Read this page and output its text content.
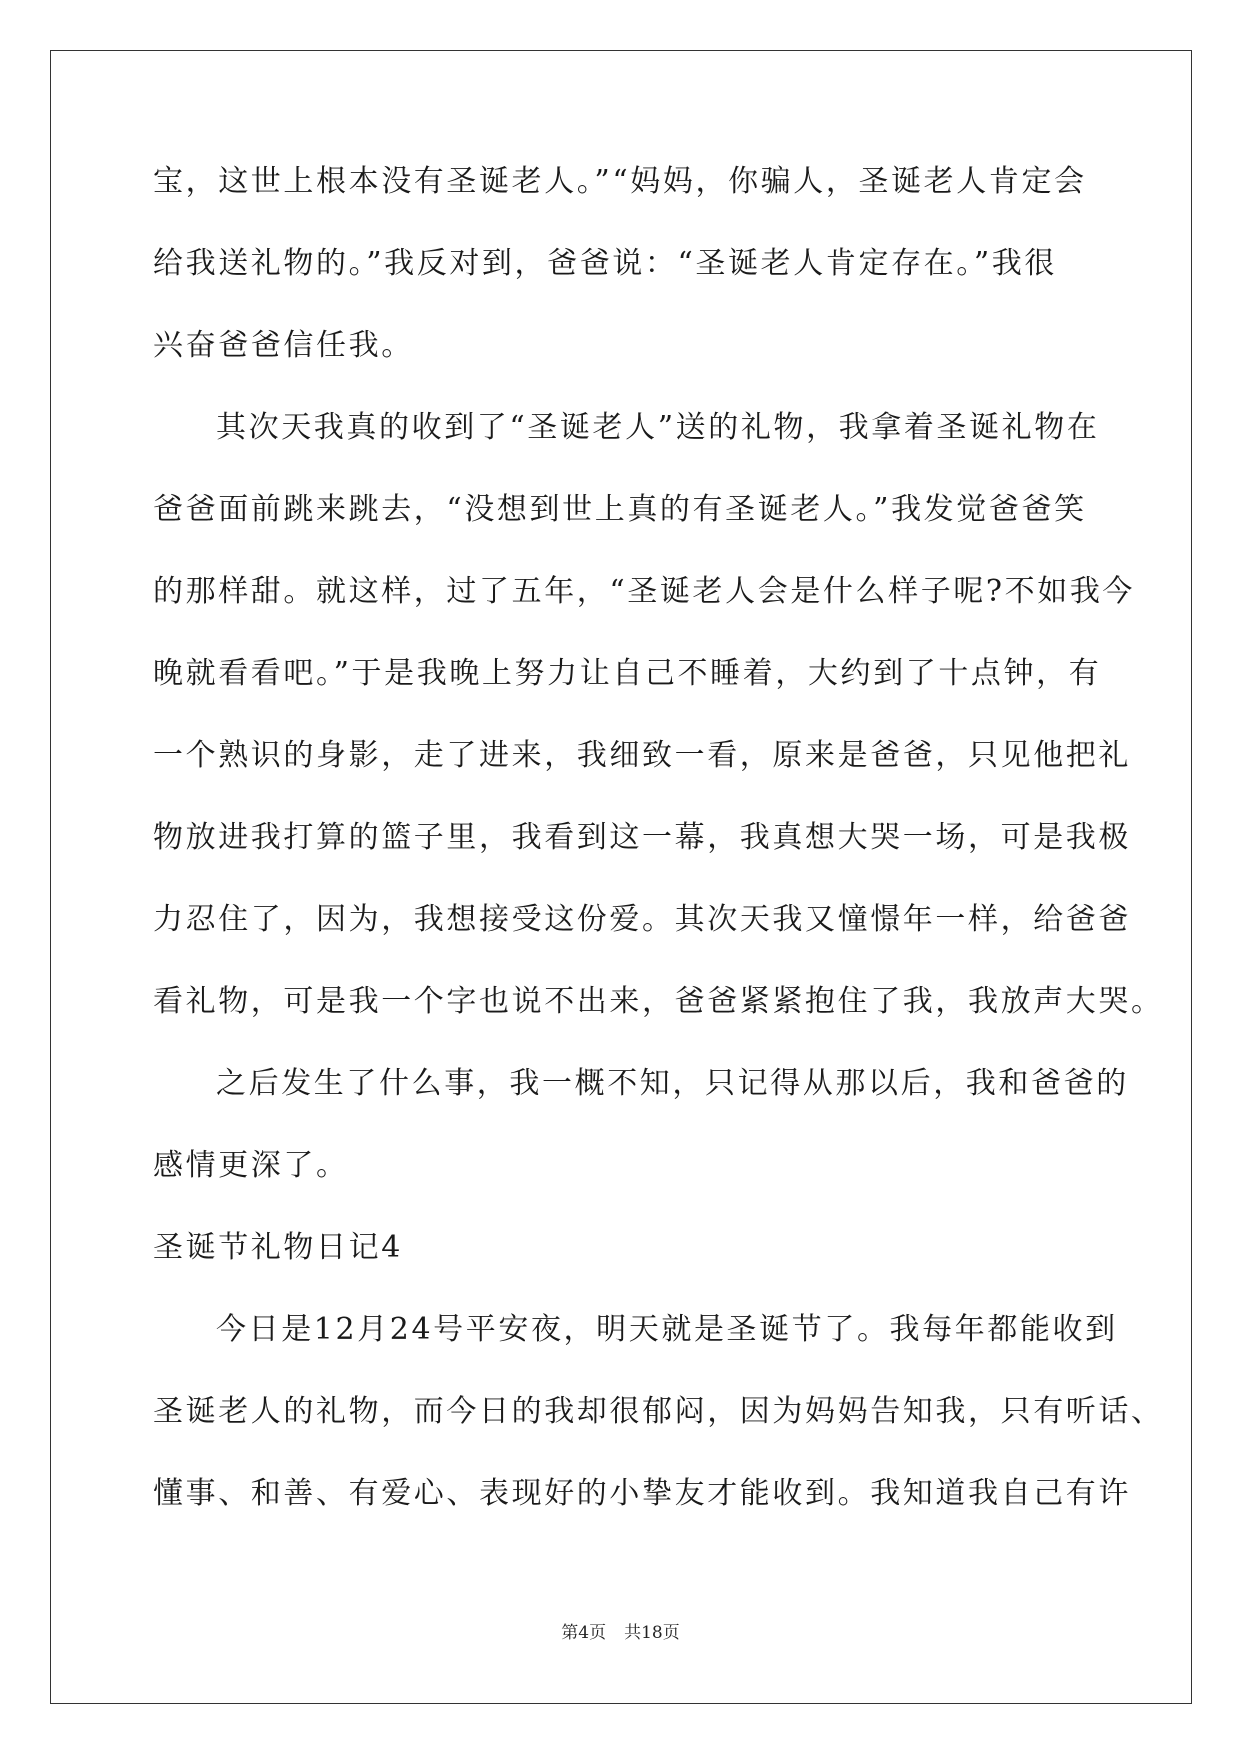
宝，这世上根本没有圣诞老人。”“妈妈，你骗人，圣诞老人肯定会
给我送礼物的。”我反对到，爸爸说：“圣诞老人肯定存在。”我很
兴奋爸爸信任我。
其次天我真的收到了“圣诞老人”送的礼物，我拿着圣诞礼物在
爸爸面前跳来跳去，“没想到世上真的有圣诞老人。”我发觉爸爸笑
的那样甜。就这样，过了五年，“圣诞老人会是什么样子呢?不如我今
晚就看看吧。”于是我晚上努力让自己不睡着，大约到了十点钟，有
一个熟识的身影，走了进来，我细致一看，原来是爸爸，只见他把礼
物放进我打算的篮子里，我看到这一幕，我真想大哭一场，可是我极
力忍住了，因为，我想接受这份爱。其次天我又憧憬年一样，给爸爸
看礼物，可是我一个字也说不出来，爸爸紧紧抱住了我，我放声大哭。
之后发生了什么事，我一概不知，只记得从那以后，我和爸爸的
感情更深了。
圣诞节礼物日记4
今日是12月24号平安夜，明天就是圣诞节了。我每年都能收到
圣诞老人的礼物，而今日的我却很郁闷，因为妈妈告知我，只有听话、
懂事、和善、有爱心、表现好的小挚友才能收到。我知道我自己有许
第4页 共18页
